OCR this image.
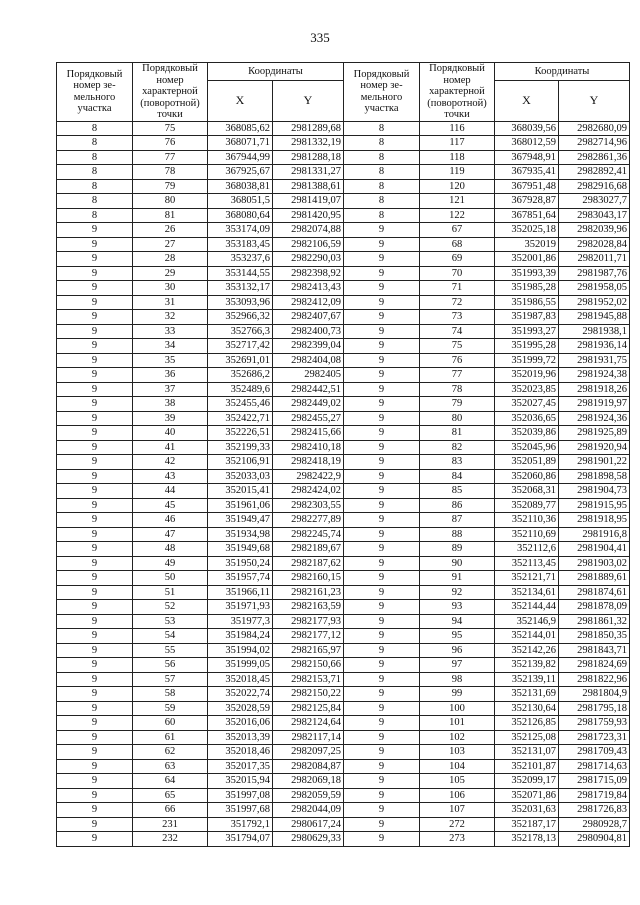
335
Порядковый номер зе-мельного участка	Порядковый номер характерной (поворотной) точки	Координаты		Порядковый номер зе-мельного участка	Порядковый номер характерной (поворотной) точки	Координаты	
		X	Y			X	Y
8	75	368085,62	2981289,68	8	116	368039,56	2982680,09
8	76	368071,71	2981332,19	8	117	368012,59	2982714,96
8	77	367944,99	2981288,18	8	118	367948,91	2982861,36
8	78	367925,67	2981331,27	8	119	367935,41	2982892,41
8	79	368038,81	2981388,61	8	120	367951,48	2982916,68
8	80	368051,5	2981419,07	8	121	367928,87	2983027,7
8	81	368080,64	2981420,95	8	122	367851,64	2983043,17
9	26	353174,09	2982074,88	9	67	352025,18	2982039,96
9	27	353183,45	2982106,59	9	68	352019	2982028,84
9	28	353237,6	2982290,03	9	69	352001,86	2982011,71
9	29	353144,55	2982398,92	9	70	351993,39	2981987,76
9	30	353132,17	2982413,43	9	71	351985,28	2981958,05
9	31	353093,96	2982412,09	9	72	351986,55	2981952,02
9	32	352966,32	2982407,67	9	73	351987,83	2981945,88
9	33	352766,3	2982400,73	9	74	351993,27	2981938,1
9	34	352717,42	2982399,04	9	75	351995,28	2981936,14
9	35	352691,01	2982404,08	9	76	351999,72	2981931,75
9	36	352686,2	2982405	9	77	352019,96	2981924,38
9	37	352489,6	2982442,51	9	78	352023,85	2981918,26
9	38	352455,46	2982449,02	9	79	352027,45	2981919,97
9	39	352422,71	2982455,27	9	80	352036,65	2981924,36
9	40	352226,51	2982415,66	9	81	352039,86	2981925,89
9	41	352199,33	2982410,18	9	82	352045,96	2981920,94
9	42	352106,91	2982418,19	9	83	352051,89	2981901,22
9	43	352033,03	2982422,9	9	84	352060,86	2981898,58
9	44	352015,41	2982424,02	9	85	352068,31	2981904,73
9	45	351961,06	2982303,55	9	86	352089,77	2981915,95
9	46	351949,47	2982277,89	9	87	352110,36	2981918,95
9	47	351934,98	2982245,74	9	88	352110,69	2981916,8
9	48	351949,68	2982189,67	9	89	352112,6	2981904,41
9	49	351950,24	2982187,62	9	90	352113,45	2981903,02
9	50	351957,74	2982160,15	9	91	352121,71	2981889,61
9	51	351966,11	2982161,23	9	92	352134,61	2981874,61
9	52	351971,93	2982163,59	9	93	352144,44	2981878,09
9	53	351977,3	2982177,93	9	94	352146,9	2981861,32
9	54	351984,24	2982177,12	9	95	352144,01	2981850,35
9	55	351994,02	2982165,97	9	96	352142,26	2981843,71
9	56	351999,05	2982150,66	9	97	352139,82	2981824,69
9	57	352018,45	2982153,71	9	98	352139,11	2981822,96
9	58	352022,74	2982150,22	9	99	352131,69	2981804,9
9	59	352028,59	2982125,84	9	100	352130,64	2981795,18
9	60	352016,06	2982124,64	9	101	352126,85	2981759,93
9	61	352013,39	2982117,14	9	102	352125,08	2981723,31
9	62	352018,46	2982097,25	9	103	352131,07	2981709,43
9	63	352017,35	2982084,87	9	104	352101,87	2981714,63
9	64	352015,94	2982069,18	9	105	352099,17	2981715,09
9	65	351997,08	2982059,59	9	106	352071,86	2981719,84
9	66	351997,68	2982044,09	9	107	352031,63	2981726,83
9	231	351792,1	2980617,24	9	272	352187,17	2980928,7
9	232	351794,07	2980629,33	9	273	352178,13	2980904,81
